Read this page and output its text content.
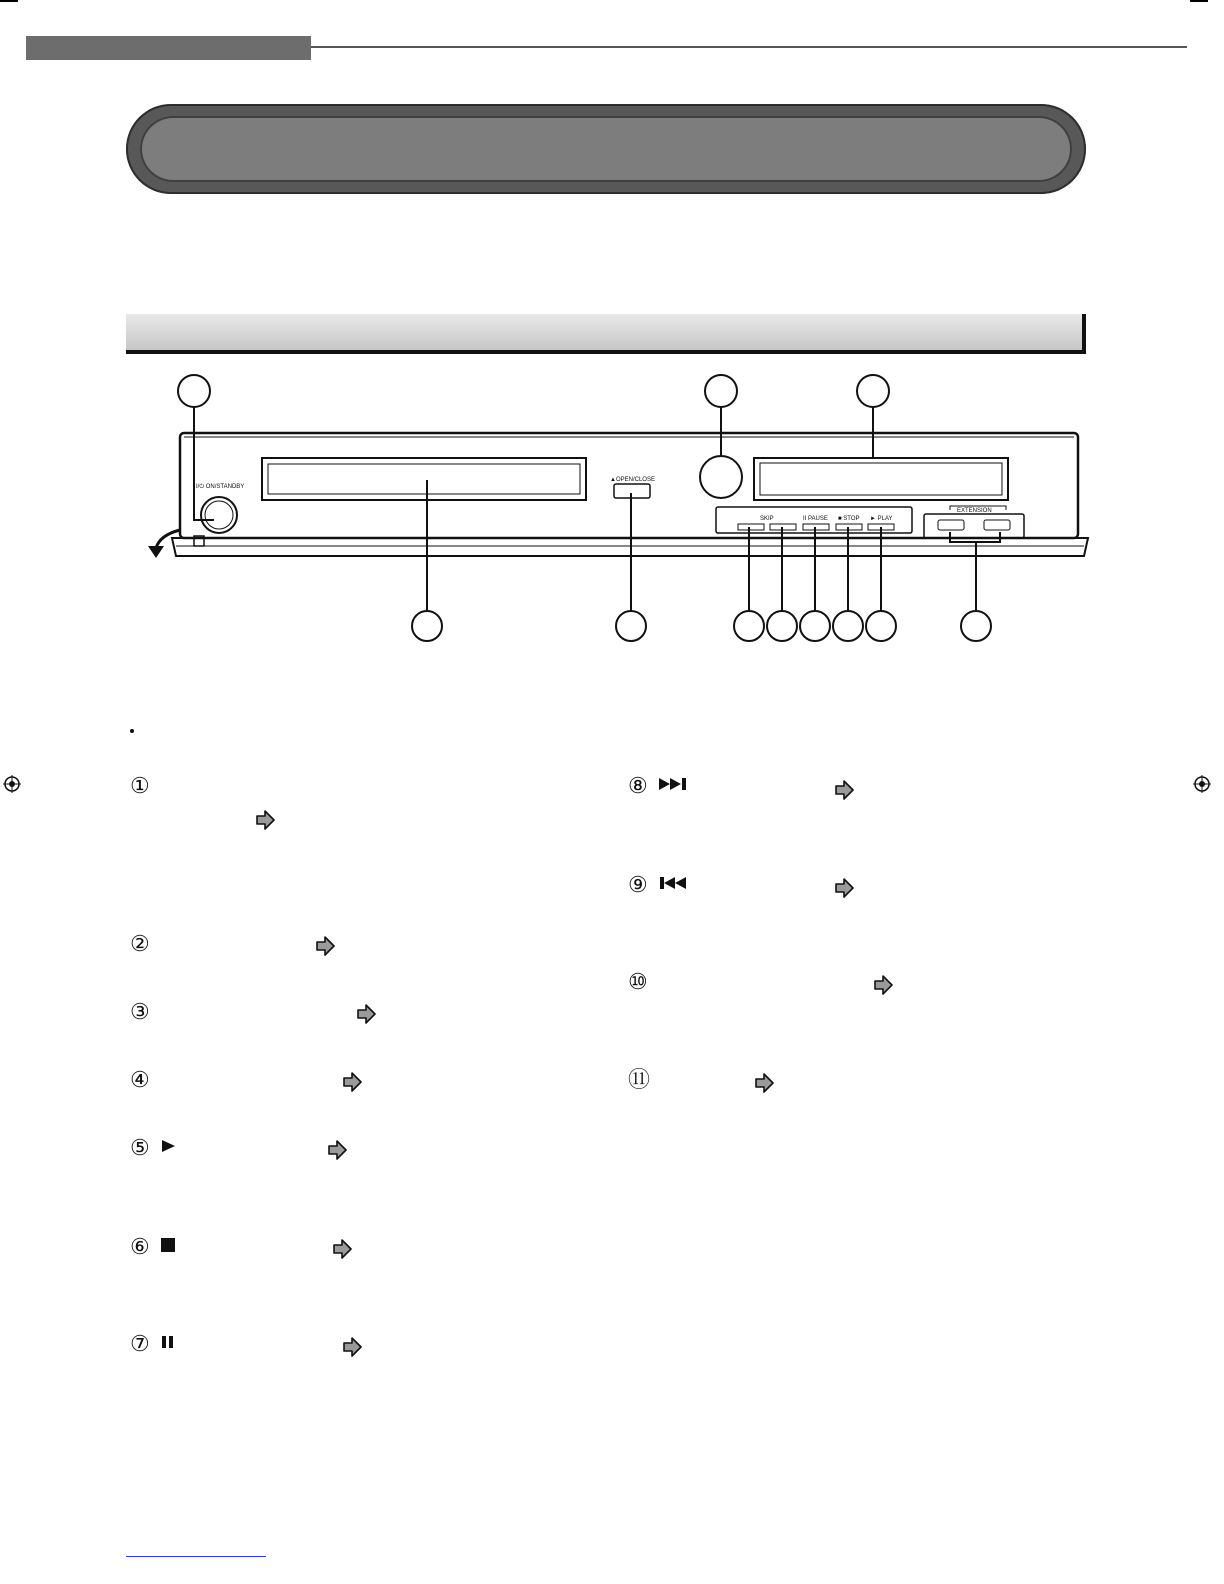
I/⏻ ON/STANDBY
▲OPEN/CLOSE
SKIP	II PAUSE ■ STOP ► PLAY
EXTENSION
①
②
③
④
⑤
⑥
⑦
⑧
⑨
⑩
⑪
